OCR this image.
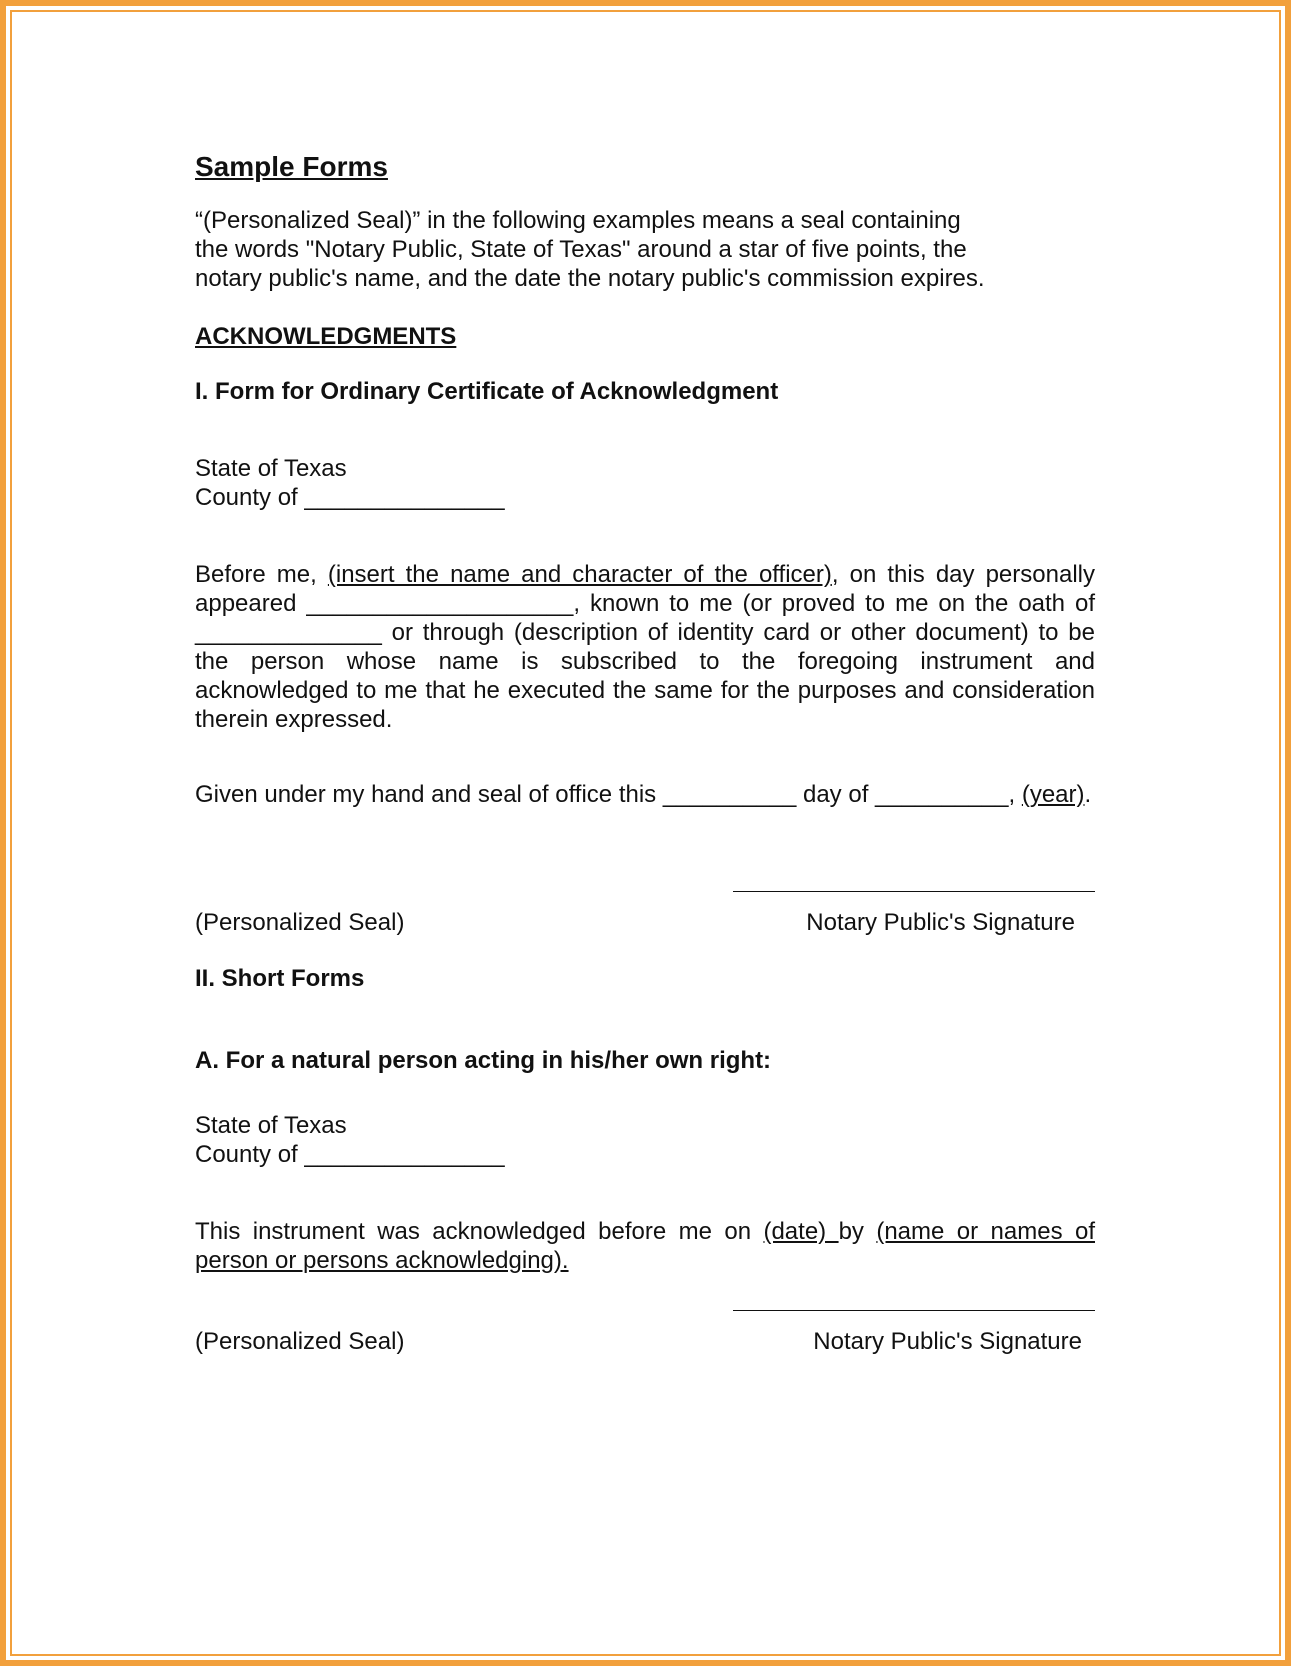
Sample Forms

“(Personalized Seal)” in the following examples means a seal containing the words "Notary Public, State of Texas" around a star of five points, the notary public's name, and the date the notary public's commission expires.

ACKNOWLEDGMENTS
I. Form for Ordinary Certificate of Acknowledgment
State of Texas
County of _______________

Before me, (insert the name and character of the officer), on this day personally appeared ____________________, known to me (or proved to me on the oath of ______________ or through (description of identity card or other document) to be the person whose name is subscribed to the foregoing instrument and acknowledged to me that he executed the same for the purposes and consideration therein expressed.

Given under my hand and seal of office this __________ day of __________, (year).

(Personalized Seal)	Notary Public's Signature
II. Short Forms
A. For a natural person acting in his/her own right:
State of Texas
County of _______________

This instrument was acknowledged before me on (date) by (name or names of person or persons acknowledging).

(Personalized Seal)	Notary Public's Signature
